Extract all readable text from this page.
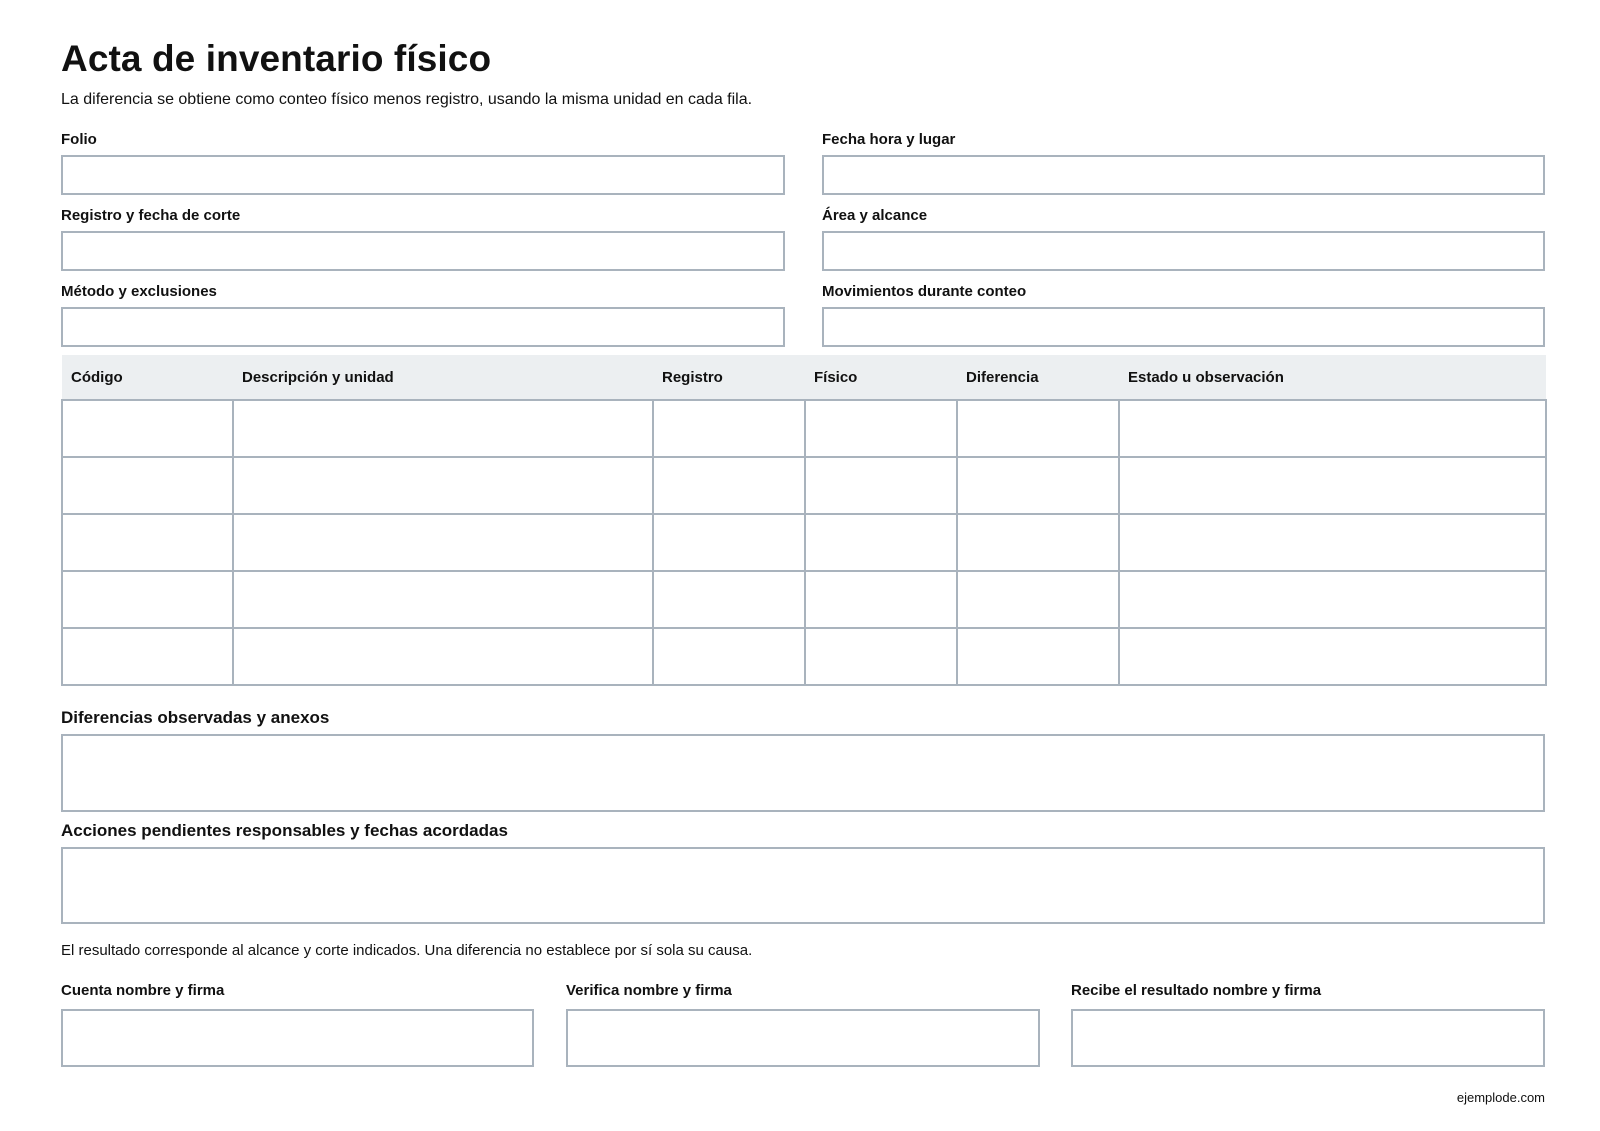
Acta de inventario físico
La diferencia se obtiene como conteo físico menos registro, usando la misma unidad en cada fila.
Folio	Fecha hora y lugar
Registro y fecha de corte	Área y alcance
Método y exclusiones	Movimientos durante conteo
Código	Descripción y unidad	Registro	Físico	Diferencia	Estado u observación

Diferencias observadas y anexos
Acciones pendientes responsables y fechas acordadas
El resultado corresponde al alcance y corte indicados. Una diferencia no establece por sí sola su causa.
Cuenta nombre y firma	Verifica nombre y firma	Recibe el resultado nombre y firma
ejemplode.com
